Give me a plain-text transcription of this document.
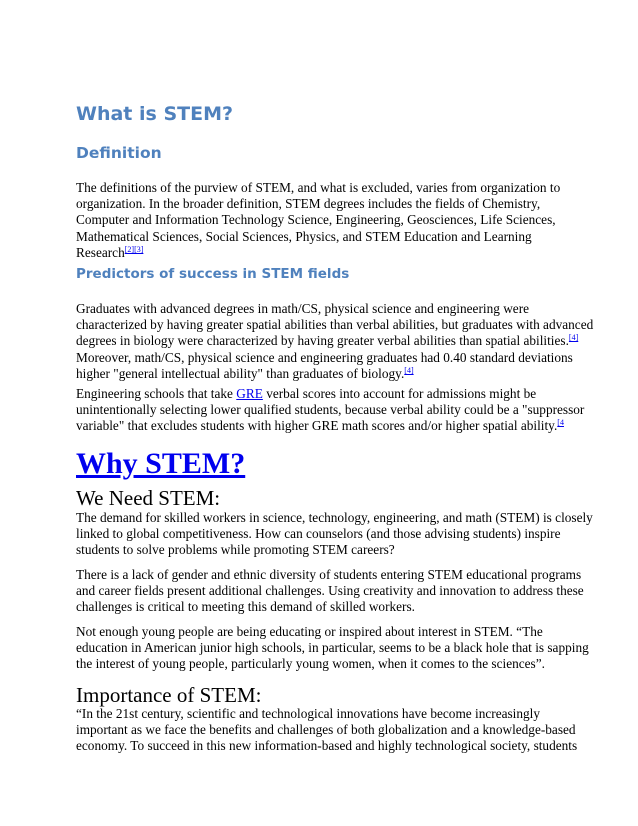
What is STEM?
Definition
The definitions of the purview of STEM, and what is excluded, varies from organization to
organization. In the broader definition, STEM degrees includes the fields of Chemistry,
Computer and Information Technology Science, Engineering, Geosciences, Life Sciences,
Mathematical Sciences, Social Sciences, Physics, and STEM Education and Learning
Research[2][3]
Predictors of success in STEM fields
Graduates with advanced degrees in math/CS, physical science and engineering were
characterized by having greater spatial abilities than verbal abilities, but graduates with advanced
degrees in biology were characterized by having greater verbal abilities than spatial abilities.[4]
Moreover, math/CS, physical science and engineering graduates had 0.40 standard deviations
higher "general intellectual ability" than graduates of biology.[4]
Engineering schools that take GRE verbal scores into account for admissions might be
unintentionally selecting lower qualified students, because verbal ability could be a "suppressor
variable" that excludes students with higher GRE math scores and/or higher spatial ability.$^{[4}$
Why STEM?
We Need STEM:
The demand for skilled workers in science, technology, engineering, and math (STEM) is closely
linked to global competitiveness. How can counselors (and those advising students) inspire
students to solve problems while promoting STEM careers?
There is a lack of gender and ethnic diversity of students entering STEM educational programs
and career fields present additional challenges. Using creativity and innovation to address these
challenges is critical to meeting this demand of skilled workers.
Not enough young people are being educating or inspired about interest in STEM. “The
education in American junior high schools, in particular, seems to be a black hole that is sapping
the interest of young people, particularly young women, when it comes to the sciences”.
Importance of STEM:
“In the 21st century, scientific and technological innovations have become increasingly
important as we face the benefits and challenges of both globalization and a knowledge-based
economy. To succeed in this new information-based and highly technological society, students
